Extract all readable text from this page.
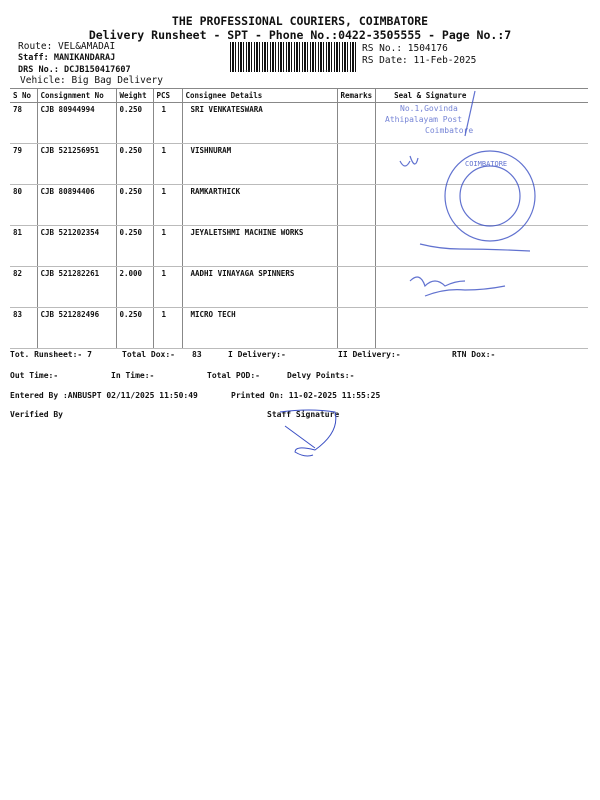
THE PROFESSIONAL COURIERS, COIMBATORE
Delivery Runsheet - SPT - Phone No.:0422-3505555 - Page No.:7
Route: VEL&AMADAI
Staff: MANIKANDARAJ
DRS No.: DCJB150417607
Vehicle: Big Bag Delivery
RS No.: 1504176
RS Date: 11-Feb-2025
S No	Consignment No	Weight	PCS	Consignee Details	Remarks	Seal & Signature
78	CJB 80944994	0.250	1	SRI VENKATESWARA		
79	CJB 521256951	0.250	1	VISHNURAM		
80	CJB 80894406	0.250	1	RAMKARTHICK		
81	CJB 521202354	0.250	1	JEYALETSHMI MACHINE WORKS		
82	CJB 521282261	2.000	1	AADHI VINAYAGA SPINNERS		
83	CJB 521282496	0.250	1	MICRO TECH		
No.1,Govinda
Athipalayam Post
Coimbatore
COIMBATORE
Tot. Runsheet:- 7	Total Dox:- 83	I Delivery:-	II Delivery:-	RTN Dox:-
Out Time:-	In Time:-	Total POD:-	Delvy Points:-
Entered By :ANBUSPT 02/11/2025 11:50:49	Printed On: 11-02-2025 11:55:25
Verified By	Staff Signature
